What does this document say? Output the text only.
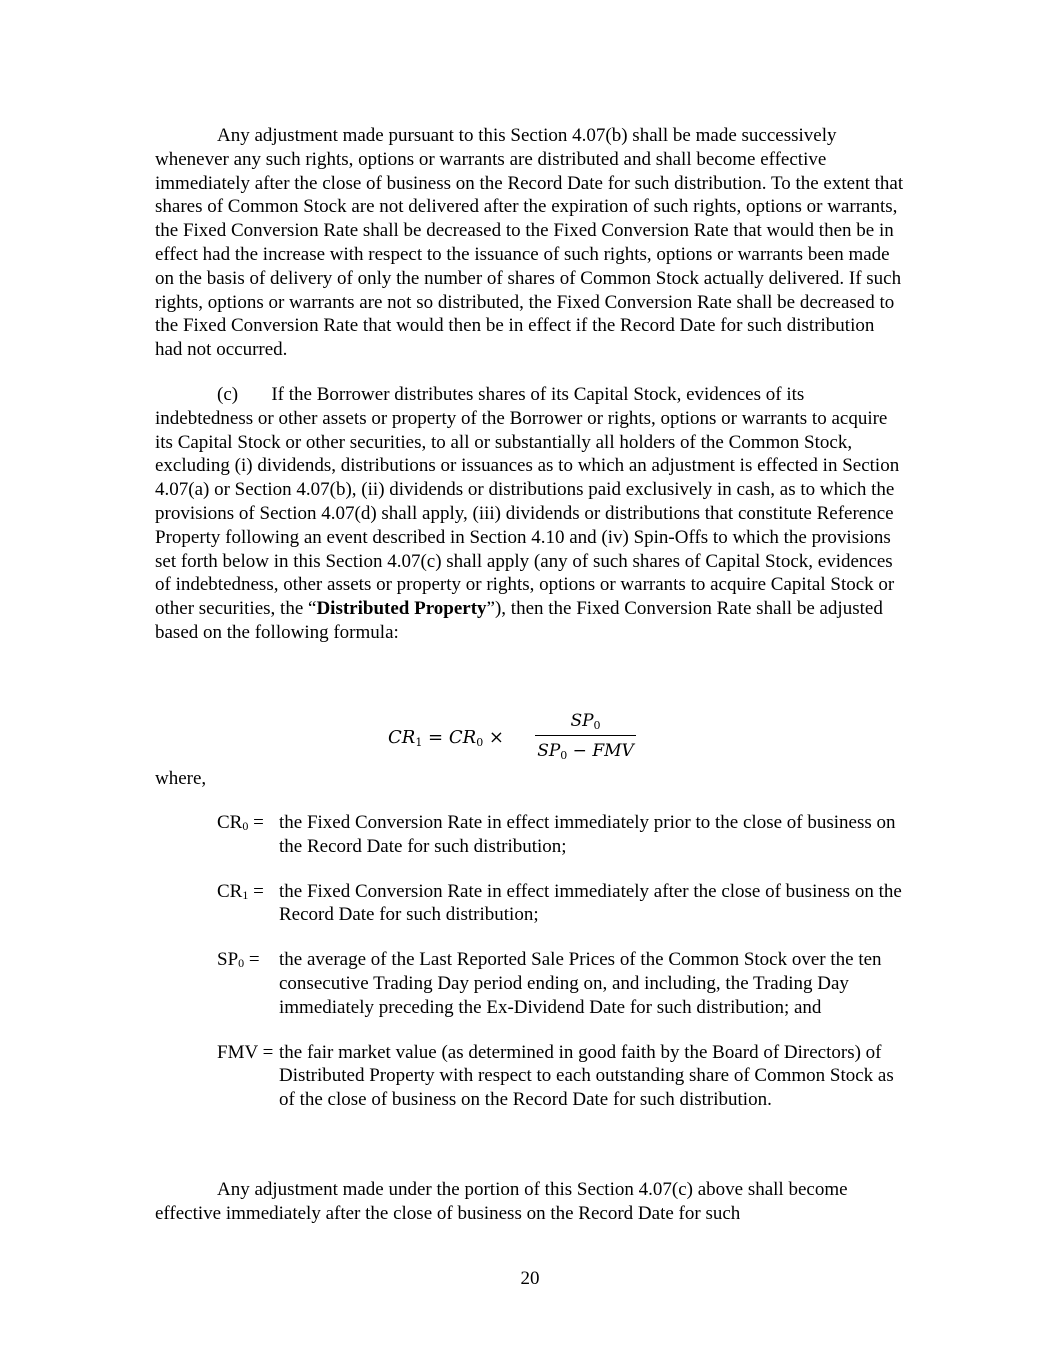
Any adjustment made pursuant to this Section 4.07(b) shall be made successively whenever any such rights, options or warrants are distributed and shall become effective immediately after the close of business on the Record Date for such distribution. To the extent that shares of Common Stock are not delivered after the expiration of such rights, options or warrants, the Fixed Conversion Rate shall be decreased to the Fixed Conversion Rate that would then be in effect had the increase with respect to the issuance of such rights, options or warrants been made on the basis of delivery of only the number of shares of Common Stock actually delivered. If such rights, options or warrants are not so distributed, the Fixed Conversion Rate shall be decreased to the Fixed Conversion Rate that would then be in effect if the Record Date for such distribution had not occurred.

(c) If the Borrower distributes shares of its Capital Stock, evidences of its indebtedness or other assets or property of the Borrower or rights, options or warrants to acquire its Capital Stock or other securities, to all or substantially all holders of the Common Stock, excluding (i) dividends, distributions or issuances as to which an adjustment is effected in Section 4.07(a) or Section 4.07(b), (ii) dividends or distributions paid exclusively in cash, as to which the provisions of Section 4.07(d) shall apply, (iii) dividends or distributions that constitute Reference Property following an event described in Section 4.10 and (iv) Spin-Offs to which the provisions set forth below in this Section 4.07(c) shall apply (any of such shares of Capital Stock, evidences of indebtedness, other assets or property or rights, options or warrants to acquire Capital Stock or other securities, the “Distributed Property”), then the Fixed Conversion Rate shall be adjusted based on the following formula:

$CR_1 = CR_0$ ×
$SP_0$
$SP_0$ − FMV

where,

$CR_0$ = the Fixed Conversion Rate in effect immediately prior to the close of business on the Record Date for such distribution;
$CR_1$ = the Fixed Conversion Rate in effect immediately after the close of business on the Record Date for such distribution;
$SP_0$ =	the average of the Last Reported Sale Prices of the Common Stock over the ten consecutive Trading Day period ending on, and including, the Trading Day immediately preceding the Ex-Dividend Date for such distribution; and
FMV = the fair market value (as determined in good faith by the Board of Directors) of Distributed Property with respect to each outstanding share of Common Stock as of the close of business on the Record Date for such distribution.

Any adjustment made under the portion of this Section 4.07(c) above shall become effective immediately after the close of business on the Record Date for such

20
